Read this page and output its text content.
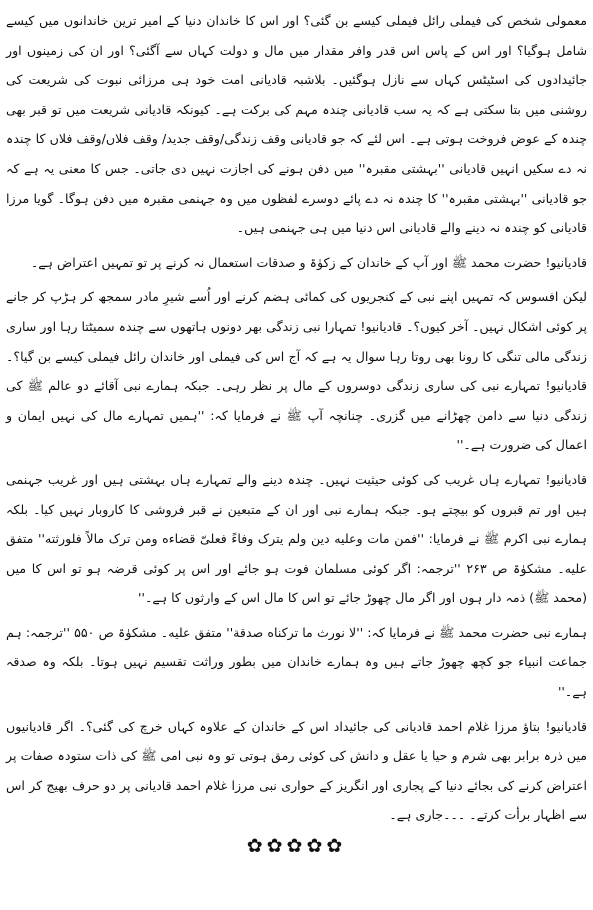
معمولی شخص کی فیملی رائل فیملی کیسے بن گئی؟ اور اس کا خاندان دنیا کے امیر ترین خاندانوں میں کیسے شامل ہوگیا؟ اور اس کے پاس اس قدر وافر مقدار میں مال و دولت کہاں سے آگئی؟ اور ان کی زمینوں اور جائیدادوں کی اسٹیٹس کہاں سے نازل ہوگئیں۔ بلاشبہ قادیانی امت خود ہی مرزائی نبوت کی شریعت کی روشنی میں بتا سکتی ہے کہ یہ سب قادیانی چندہ مہم کی برکت ہے۔ کیونکہ قادیانی شریعت میں تو قبر بھی چندہ کے عوض فروخت ہوتی ہے۔ اس لئے کہ جو قادیانی وقف زندگی/وقف جدید/ وقف فلاں/وقف فلاں کا چندہ نہ دے سکیں انہیں قادیانی ''بہشتی مقبرہ'' میں دفن ہونے کی اجازت نہیں دی جاتی۔ جس کا معنی یہ ہے کہ جو قادیانی ''بہشتی مقبرہ'' کا چندہ نہ دے پائے دوسرے لفظوں میں وہ جہنمی مقبرہ میں دفن ہوگا۔ گویا مرزا قادیانی کو چندہ نہ دینے والے قادیانی اس دنیا میں ہی جہنمی ہیں۔

قادیانیو! حضرت محمد ﷺ اور آپ کے خاندان کے زکوٰۃ و صدقات استعمال نہ کرنے پر تو تمہیں اعتراض ہے۔

لیکن افسوس کہ تمہیں اپنے نبی کے کنجریوں کی کمائی ہضم کرنے اور اُسے شیرِ مادر سمجھ کر ہڑپ کر جانے پر کوئی اشکال نہیں۔ آخر کیوں؟۔ قادیانیو! تمہارا نبی زندگی بھر دونوں ہاتھوں سے چندہ سمیٹتا رہا اور ساری زندگی مالی تنگی کا رونا بھی روتا رہا سوال یہ ہے کہ آج اس کی فیملی اور خاندان رائل فیملی کیسے بن گیا؟۔ قادیانیو! تمہارے نبی کی ساری زندگی دوسروں کے مال پر نظر رہی۔ جبکہ ہمارے نبی آقائے دو عالم ﷺ کی زندگی دنیا سے دامن چھڑانے میں گزری۔ چنانچہ آپ ﷺ نے فرمایا کہ: ''ہمیں تمہارے مال کی نہیں ایمان و اعمال کی ضرورت ہے۔''

قادیانیو! تمہارے ہاں غریب کی کوئی حیثیت نہیں۔ چندہ دینے والے تمہارے ہاں بہشتی ہیں اور غریب جہنمی ہیں اور تم قبروں کو بیچتے ہو۔ جبکہ ہمارے نبی اور ان کے متبعین نے قبر فروشی کا کاروبار نہیں کیا۔ بلکہ ہمارے نبی اکرم ﷺ نے فرمایا: ''فمن مات وعلیه دین ولم یترک وفاءً فعلیّ قضاءه ومن ترک مالاً فلورثته'' متفق علیه۔ مشکوٰۃ ص ۲۶۳ ''ترجمہ: اگر کوئی مسلمان فوت ہو جائے اور اس پر کوئی قرضہ ہو تو اس کا میں (محمد ﷺ) ذمہ دار ہوں اور اگر مال چھوڑ جائے تو اس کا مال اس کے وارثوں کا ہے۔''

ہمارے نبی حضرت محمد ﷺ نے فرمایا کہ: ''لا نورث ما ترکناه صدقة'' متفق علیه۔ مشکوٰۃ ص ۵۵۰ ''ترجمہ: ہم جماعت انبیاء جو کچھ چھوڑ جاتے ہیں وہ ہمارے خاندان میں بطور وراثت تقسیم نہیں ہوتا۔ بلکہ وہ صدقہ ہے۔''

قادیانیو! بتاؤ مرزا غلام احمد قادیانی کی جائیداد اس کے خاندان کے علاوہ کہاں خرچ کی گئی؟۔ اگر قادیانیوں میں ذرہ برابر بھی شرم و حیا یا عقل و دانش کی کوئی رمق ہوتی تو وہ نبی امی ﷺ کی ذات ستودہ صفات پر اعتراض کرنے کی بجائے دنیا کے پجاری اور انگریز کے حواری نبی مرزا غلام احمد قادیانی پر دو حرف بھیج کر اس سے اظہار برأت کرتے۔ ۔۔۔جاری ہے۔

✿✿✿✿✿
